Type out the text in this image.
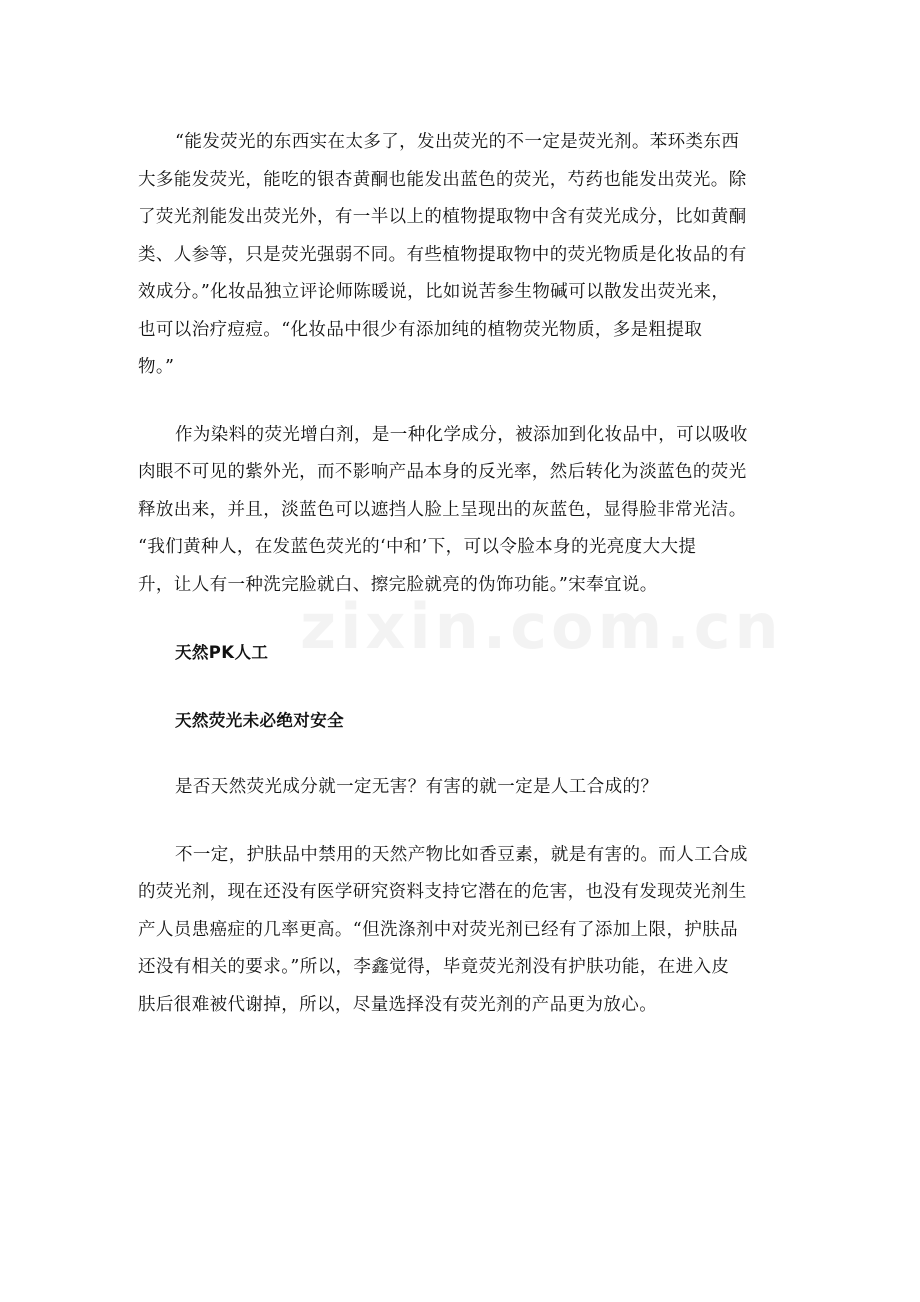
zixin.com.cn
“能发荧光的东西实在太多了，发出荧光的不一定是荧光剂。苯环类东西
大多能发荧光，能吃的银杏黄酮也能发出蓝色的荧光，芍药也能发出荧光。除
了荧光剂能发出荧光外，有一半以上的植物提取物中含有荧光成分，比如黄酮
类、人参等，只是荧光强弱不同。有些植物提取物中的荧光物质是化妆品的有
效成分。”化妆品独立评论师陈暖说，比如说苦参生物碱可以散发出荧光来，
也可以治疗痘痘。“化妆品中很少有添加纯的植物荧光物质，多是粗提取
物。”
作为染料的荧光增白剂，是一种化学成分，被添加到化妆品中，可以吸收
肉眼不可见的紫外光，而不影响产品本身的反光率，然后转化为淡蓝色的荧光
释放出来，并且，淡蓝色可以遮挡人脸上呈现出的灰蓝色，显得脸非常光洁。
“我们黄种人，在发蓝色荧光的‘中和’下，可以令脸本身的光亮度大大提
升，让人有一种洗完脸就白、擦完脸就亮的伪饰功能。”宋奉宜说。
天然PK人工
天然荧光未必绝对安全
是否天然荧光成分就一定无害？有害的就一定是人工合成的？
不一定，护肤品中禁用的天然产物比如香豆素，就是有害的。而人工合成
的荧光剂，现在还没有医学研究资料支持它潜在的危害，也没有发现荧光剂生
产人员患癌症的几率更高。“但洗涤剂中对荧光剂已经有了添加上限，护肤品
还没有相关的要求。”所以，李鑫觉得，毕竟荧光剂没有护肤功能，在进入皮
肤后很难被代谢掉，所以，尽量选择没有荧光剂的产品更为放心。
